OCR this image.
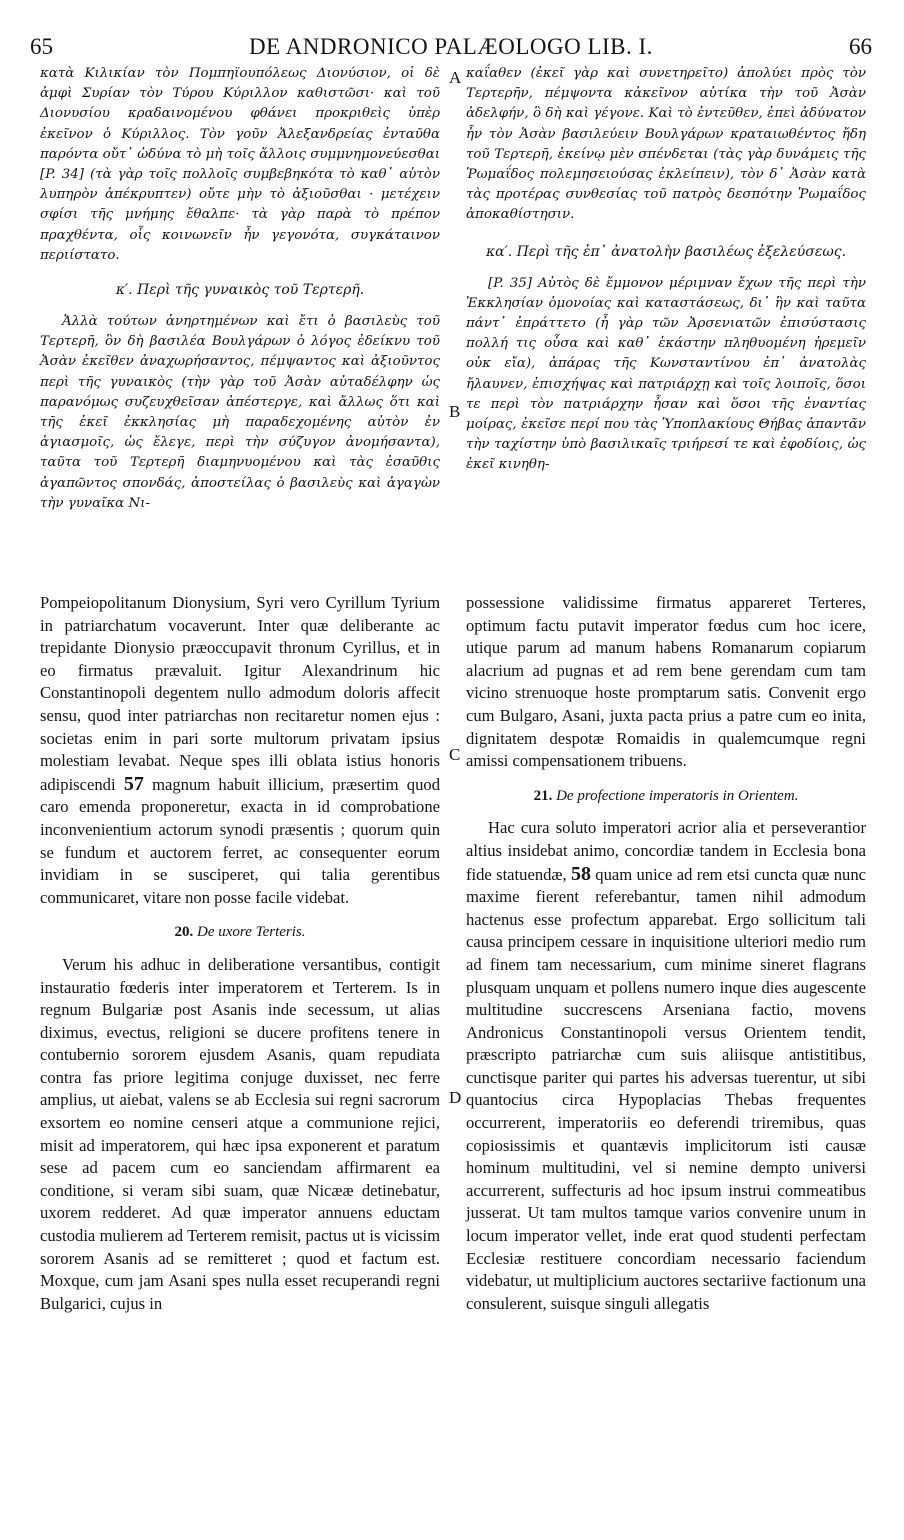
65	DE ANDRONICO PALÆOLOGO LIB. I.	66
A
B
C
D

κατὰ Κιλικίαν τὸν Πομπηϊουπόλεως Διονύσιον, οἱ δὲ ἀμφὶ Συρίαν τὸν Τύρου Κύριλλον καθιστῶσι· καὶ τοῦ Διονυσίου κραδαινομένου φθάνει προκριθεὶς ὑπὲρ ἐκεῖνον ὁ Κύριλλος. Τὸν γοῦν Ἀλεξανδρείας ἐνταῦθα παρόντα οὔτ᾽ ὠδύνα τὸ μὴ τοῖς ἄλλοις συμμνημονεύεσθαι [P. 34] (τὰ γὰρ τοῖς πολλοῖς συμβεβηκότα τὸ καθ᾽ αὑτὸν λυπηρὸν ἀπέκρυπτεν) οὔτε μὴν τὸ ἀξιοῦσθαι · μετέχειν σφίσι τῆς μνήμης ἔθαλπε· τὰ γὰρ παρὰ τὸ πρέπον πραχθέντα, οἷς κοινωνεῖν ἦν γεγονότα, συγκάταινον περιίστατο.

κ′. Περὶ τῆς γυναικὸς τοῦ Τερτερῆ.

Ἀλλὰ τούτων ἀνηρτημένων καὶ ἔτι ὁ βασιλεὺς τοῦ Τερτερῆ, ὃν δὴ βασιλέα Βουλγάρων ὁ λόγος ἐδείκνυ τοῦ Ἀσὰν ἐκεῖθεν ἀναχωρήσαντος, πέμψαντος καὶ ἀξιοῦντος περὶ τῆς γυναικὸς (τὴν γὰρ τοῦ Ἀσὰν αὐταδέλφην ὡς παρανόμως συζευχθεῖσαν ἀπέστεργε, καὶ ἄλλως ὅτι καὶ τῆς ἐκεῖ ἐκκλησίας μὴ παραδεχομένης αὐτὸν ἐν ἁγιασμοῖς, ὡς ἔλεγε, περὶ τὴν σύζυγον ἀνομήσαντα), ταῦτα τοῦ Τερτερῆ διαμηνυομένου καὶ τὰς ἐσαῦθις ἀγαπῶντος σπονδάς, ἀποστείλας ὁ βασιλεὺς καὶ ἀγαγὼν τὴν γυναῖκα Νι-

καΐαθεν (ἐκεῖ γὰρ καὶ συνετηρεῖτο) ἀπολύει πρὸς τὸν Τερτερῆν, πέμψοντα κἀκεῖνον αὐτίκα τὴν τοῦ Ἀσὰν ἀδελφήν, ὃ δὴ καὶ γέγονε. Καὶ τὸ ἐντεῦθεν, ἐπεὶ ἀδύνατον ἦν τὸν Ἀσὰν βασιλεύειν Βουλγάρων κραταιωθέντος ἤδη τοῦ Τερτερῆ, ἐκείνῳ μὲν σπένδεται (τὰς γὰρ δυνάμεις τῆς Ῥωμαΐδος πολεμησειούσας ἐκλείπειν), τὸν δ᾽ Ἀσὰν κατὰ τὰς προτέρας συνθεσίας τοῦ πατρὸς δεσπότην Ῥωμαΐδος ἀποκαθίστησιν.

κα′. Περὶ τῆς ἐπ᾽ ἀνατολὴν βασιλέως ἐξελεύσεως.

[P. 35] Αὐτὸς δὲ ἔμμονον μέριμναν ἔχων τῆς περὶ τὴν Ἐκκλησίαν ὁμονοίας καὶ καταστάσεως, δι᾽ ἣν καὶ ταῦτα πάντ᾽ ἐπράττετο (ἦ γὰρ τῶν Ἀρσενιατῶν ἐπισύστασις πολλή τις οὖσα καὶ καθ᾽ ἑκάστην πληθυομένη ἠρεμεῖν οὐκ εἴα), ἀπάρας τῆς Κωνσταντίνου ἐπ᾽ ἀνατολὰς ἤλαυνεν, ἐπισχήψας καὶ πατριάρχῃ καὶ τοῖς λοιποῖς, ὅσοι τε περὶ τὸν πατριάρχην ἦσαν καὶ ὅσοι τῆς ἐναντίας μοίρας, ἐκεῖσε περί που τὰς Ὑποπλακίους Θήβας ἀπαντᾶν τὴν ταχίστην ὑπὸ βασιλικαῖς τριήρεσί τε καὶ ἐφοδίοις, ὡς ἐκεῖ κινηθη-

Pompeiopolitanum Dionysium, Syri vero Cyrillum Tyrium in patriarchatum vocaverunt. Inter quæ deliberante ac trepidante Dionysio præoccupavit thronum Cyrillus, et in eo firmatus prævaluit. Igitur Alexandrinum hic Constantinopoli degentem nullo admodum doloris affecit sensu, quod inter patriarchas non recitaretur nomen ejus : societas enim in pari sorte multorum privatam ipsius molestiam levabat. Neque spes illi oblata istius honoris adipiscendi 57 magnum habuit illicium, præsertim quod caro emenda proponeretur, exacta in id comprobatione inconvenientium actorum synodi præsentis ; quorum quin se fundum et auctorem ferret, ac consequenter eorum invidiam in se susciperet, qui talia gerentibus communicaret, vitare non posse facile videbat.

20. De uxore Terteris.

Verum his adhuc in deliberatione versantibus, contigit instauratio fœderis inter imperatorem et Terterem. Is in regnum Bulgariæ post Asanis inde secessum, ut alias diximus, evectus, religioni se ducere profitens tenere in contubernio sororem ejusdem Asanis, quam repudiata contra fas priore legitima conjuge duxisset, nec ferre amplius, ut aiebat, valens se ab Ecclesia sui regni sacrorum exsortem eo nomine censeri atque a communione rejici, misit ad imperatorem, qui hæc ipsa exponerent et paratum sese ad pacem cum eo sanciendam affirmarent ea conditione, si veram sibi suam, quæ Nicææ detinebatur, uxorem redderet. Ad quæ imperator annuens eductam custodia mulierem ad Terterem remisit, pactus ut is vicissim sororem Asanis ad se remitteret ; quod et factum est. Moxque, cum jam Asani spes nulla esset recuperandi regni Bulgarici, cujus in

possessione validissime firmatus appareret Terteres, optimum factu putavit imperator fœdus cum hoc icere, utique parum ad manum habens Romanarum copiarum alacrium ad pugnas et ad rem bene gerendam cum tam vicino strenuoque hoste promptarum satis. Convenit ergo cum Bulgaro, Asani, juxta pacta prius a patre cum eo inita, dignitatem despotæ Romaidis in qualemcumque regni amissi compensationem tribuens.

21. De profectione imperatoris in Orientem.

Hac cura soluto imperatori acrior alia et perseverantior altius insidebat animo, concordiæ tandem in Ecclesia bona fide statuendæ, 58 quam unice ad rem etsi cuncta quæ nunc maxime fierent referebantur, tamen nihil admodum hactenus esse profectum apparebat. Ergo sollicitum tali causa principem cessare in inquisitione ulteriori medio rum ad finem tam necessarium, cum minime sineret flagrans plusquam unquam et pollens numero inque dies augescente multitudine succrescens Arseniana factio, movens Andronicus Constantinopoli versus Orientem tendit, præscripto patriarchæ cum suis aliisque antistitibus, cunctisque pariter qui partes his adversas tuerentur, ut sibi quantocius circa Hypoplacias Thebas frequentes occurrerent, imperatoriis eo deferendi triremibus, quas copiosissimis et quantævis implicitorum isti causæ hominum multitudini, vel si nemine dempto universi accurrerent, suffecturis ad hoc ipsum instrui commeatibus jusserat. Ut tam multos tamque varios convenire unum in locum imperator vellet, inde erat quod studenti perfectam Ecclesiæ restituere concordiam necessario faciendum videbatur, ut multiplicium auctores sectariive factionum una consulerent, suisque singuli allegatis
